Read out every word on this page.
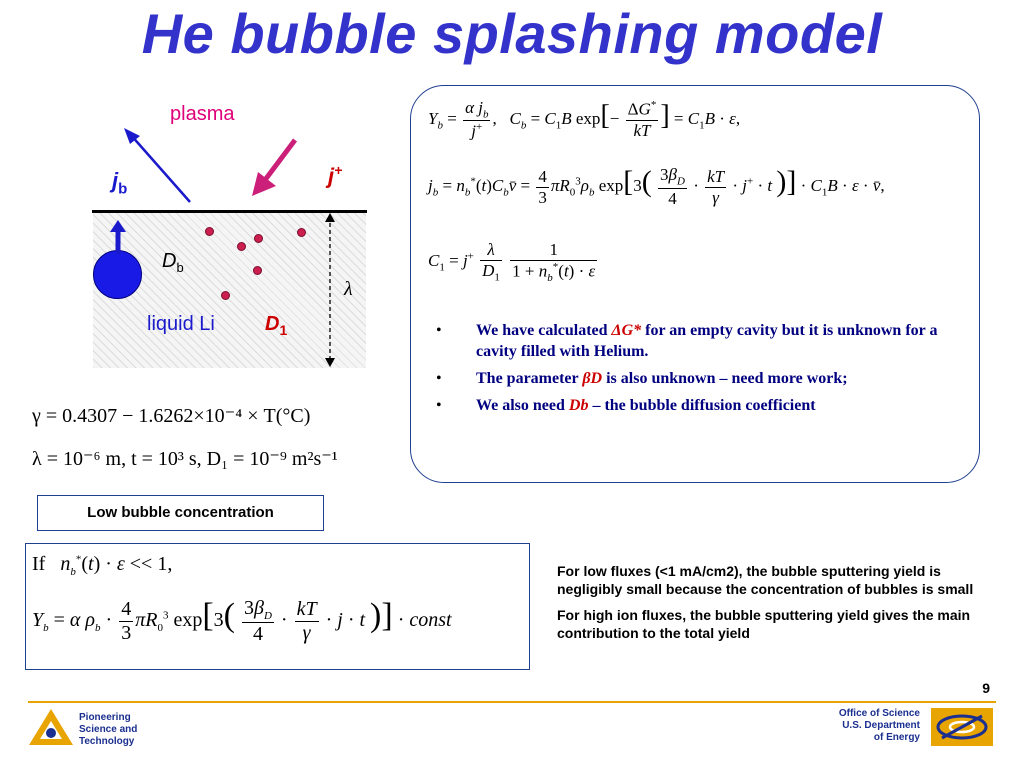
He bubble splashing model
plasma
$j_b$
j+
$D_b$
liquid Li	$D_1$
λ
γ = 0.4307 − 1.6262×10⁻⁴ × T(°C)
λ = 10⁻⁶ m, t = 10³ s, D₁ = 10⁻⁹ m²s⁻¹
$Y_b = \frac{\alpha j_b}{j^+}$ ,   $C_b = C_1B$ $\exp[- \frac{\Delta G^*}{kT}$ ] = $C_1B \cdot \varepsilon$,
$j_b$ = $n_b^*(t)C_bv̄ = \frac{4}{3} \pi R_0^3\rho_b$ $\exp[3( \frac{3\beta_D}{4} \cdot \frac{kT}{\gamma} \cdot j^+ \cdot t$ )] · $C_1B \cdot \varepsilon$ · v̄,
$C_1 = j^+ \frac{\lambda}{D_1}$
$\frac{1}{1 + n_b^*(t) \cdot \varepsilon}$
• We have calculated ΔG* for an empty cavity but it is unknown for a cavity filled with Helium.
• The parameter βD is also unknown – need more work;
• We also need Db – the bubble diffusion coefficient
Low bubble concentration
If $n_b^*(t) \cdot \varepsilon << 1$,
$Y_b = \alpha$ $\rho_b \cdot \frac{4}{3} \pi R_0^3$ $\exp[3( \frac{3\beta_D}{4} \cdot \frac{kT}{\gamma} \cdot j \cdot t$ )] · const

For low fluxes (<1 mA/cm2), the bubble sputtering yield is negligibly small because the concentration of bubbles is small

For high ion fluxes, the bubble sputtering yield gives the main contribution to the total yield

9
Pioneering
Science and
Technology
Office of Science
U.S. Department
of Energy
